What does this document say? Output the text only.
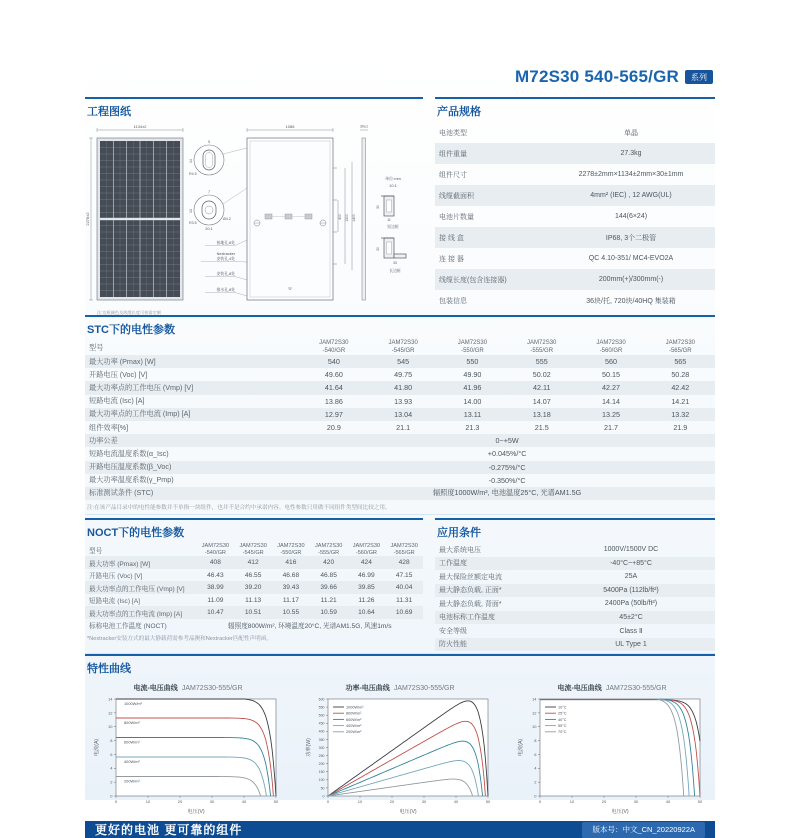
M72S30 540-565/GR	系列
工程图纸
1134±2
2278±2
注:边框颜色及线缆长度可按需定制
5
14
R4.5
7
13
R3.5
Ø4.2
20:1
接地孔,6处
Nextracker
安装孔,4处
安装孔,8处
排水孔,8处
1086
400 1300 1400
30±1
单位:mm
10:1
30
11
短边框
30
33
长边框
产品规格
电池类型	单晶
组件重量	27.3kg
组件尺寸	2278±2mm×1134±2mm×30±1mm
线缆截面积	4mm² (IEC) , 12 AWG(UL)
电池片数量	144(6×24)
接 线 盒	IP68, 3个二极管
连 接 器	QC 4.10-351/ MC4-EVO2A
线缆长度(包含连接器)	200mm(+)/300mm(-)
包装信息	36块/托, 720块/40HQ 集装箱
STC下的电性参数
型号	JAM72S30
-540/GR
JAM72S30
-545/GR
JAM72S30
-550/GR
JAM72S30
-555/GR
JAM72S30
-560/GR
JAM72S30
-565/GR
最大功率 (Pmax) [W]	540	545	550	555	560	565
开路电压 (Voc) [V]	49.60	49.75	49.90	50.02	50.15	50.28
最大功率点的工作电压 (Vmp) [V]	41.64	41.80	41.96	42.11	42.27	42.42
短路电流 (Isc) [A]	13.86	13.93	14.00	14.07	14.14	14.21
最大功率点的工作电流 (Imp) [A]	12.97	13.04	13.11	13.18	13.25	13.32
组件效率[%]	20.9	21.1	21.3	21.5	21.7	21.9
功率公差	0~+5W
短路电流温度系数(α_Isc)	+0.045%/°C
开路电压温度系数(β_Voc)	-0.275%/°C
最大功率温度系数(γ_Pmp)	-0.350%/°C
标准测试条件 (STC)	辐照度1000W/m², 电池温度25°C, 光谱AM1.5G
注:在该产品目录中的电性能参数并不单指一块组件，也并不是合约中承诺内容。电性参数只用做不同组件类型间比较之用。
NOCT下的电性参数
型号
JAM72S30
-540/GR
JAM72S30
-545/GR
JAM72S30
-550/GR
JAM72S30
-555/GR
JAM72S30
-560/GR
JAM72S30
-565/GR
最大功率 (Pmax) [W]	408	412	416	420	424	428
开路电压 (Voc) [V]	46.43	46.55	46.68	46.85	46.99	47.15
最大功率点的工作电压 (Vmp) [V]	38.99	39.20	39.43	39.66	39.85	40.04
短路电流 (Isc) [A]	11.09	11.13	11.17	11.21	11.26	11.31
最大功率点的工作电流 (Imp) [A]	10.47	10.51	10.55	10.59	10.64	10.69
标称电池工作温度 (NOCT)	辐照度800W/m², 环境温度20°C, 光谱AM1.5G, 风速1m/s
*Nextracker安装方式的最大静载荷需参考晶澳和Nextracker匹配性声明函。
应用条件
最大系统电压	1000V/1500V DC
工作温度	-40°C~+85°C
最大保险丝额定电流	25A
最大静态负载, 正面*	5400Pa (112lb/ft²)
最大静态负载, 背面*	2400Pa (50lb/ft²)
电池标称工作温度	45±2°C
安全等级	Class Ⅱ
防火性能	UL Type 1
特性曲线
电流-电压曲线 JAM72S30-555/GR
0	10	20	30	40	50
0
2
4
6
8
10
12
14
电压(V)
电流(A)
1000W/m²
800W/m²
600W/m²
400W/m²
200W/m²
功率-电压曲线 JAM72S30-555/GR
0	10	20	30	40	50
0
50
100
150
200
250
300
350
400
450
500
550
600
电压(V)
功率(W)
1000W/m²
800W/m²
600W/m²
400W/m²
200W/m²
电流-电压曲线 JAM72S30-555/GR
0	10	20	30	40	50
0
2
4
6
8
10
12
14
电压(V)
电流(A)
10°C
25°C
40°C
55°C
70°C
更好的电池 更可靠的组件	版本号：中文_CN_20220922A
